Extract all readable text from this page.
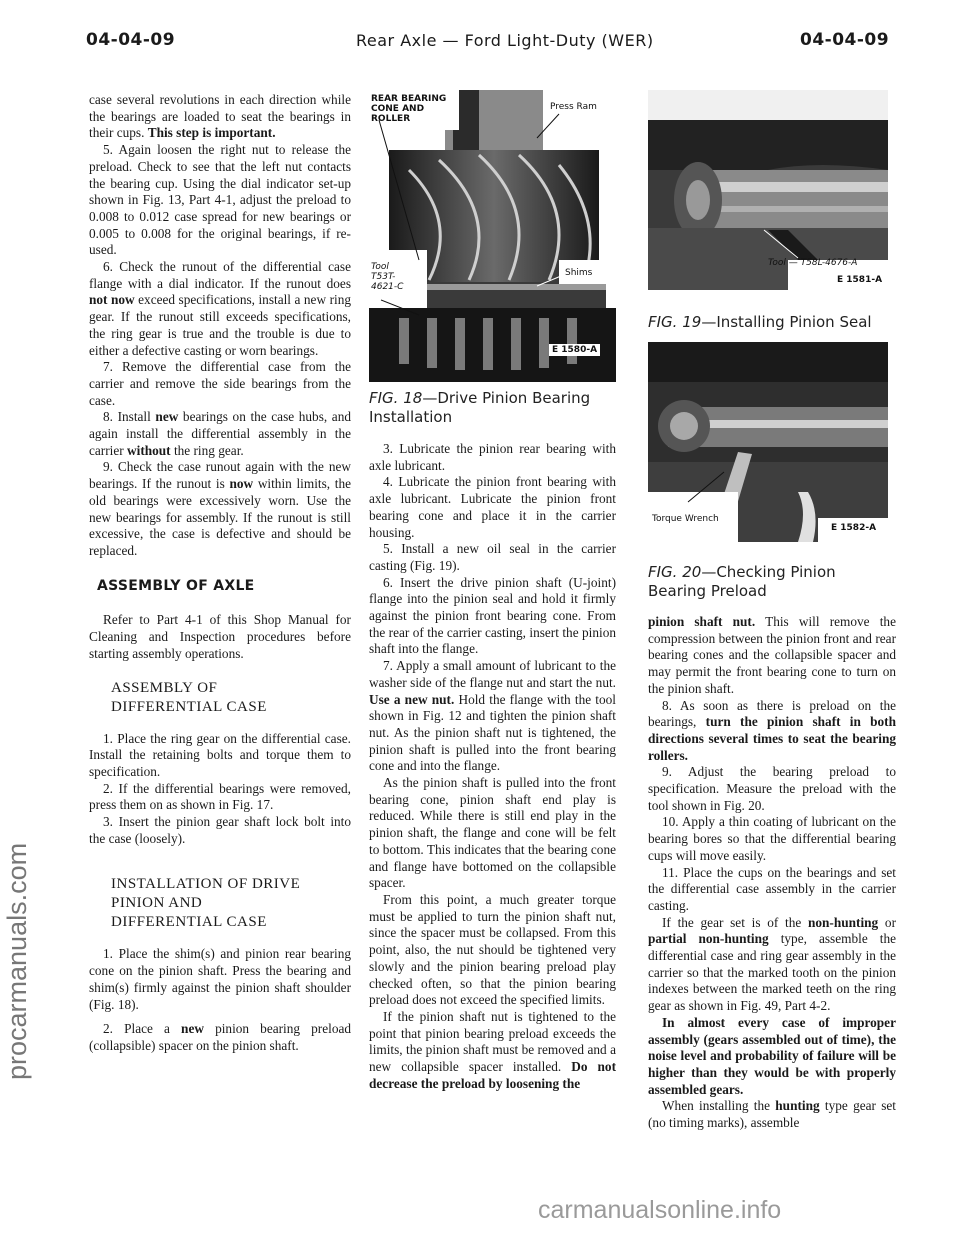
04-04-09	Rear Axle — Ford Light-Duty (WER)	04-04-09
procarmanuals.com

case several revolutions in each direction while the bearings are loaded to seat the bearings in their cups. This step is important.

5. Again loosen the right nut to release the preload. Check to see that the left nut contacts the bearing cup. Using the dial indicator set-up shown in Fig. 13, Part 4-1, adjust the preload to 0.008 to 0.012 case spread for new bearings or 0.005 to 0.008 for the original bearings, if re-used.

6. Check the runout of the differential case flange with a dial indicator. If the runout does not now exceed specifications, install a new ring gear. If the runout still exceeds specifications, the ring gear is true and the trouble is due to either a defective casting or worn bearings.

7. Remove the differential case from the carrier and remove the side bearings from the case.

8. Install new bearings on the case hubs, and again install the differential assembly in the carrier without the ring gear.

9. Check the case runout again with the new bearings. If the runout is now within limits, the old bearings were excessively worn. Use the new bearings for assembly. If the runout is still excessive, the case is defective and should be replaced.

ASSEMBLY OF AXLE

Refer to Part 4-1 of this Shop Manual for Cleaning and Inspection procedures before starting assembly operations.

ASSEMBLY OF
DIFFERENTIAL CASE

1. Place the ring gear on the differential case. Install the retaining bolts and torque them to specification.

2. If the differential bearings were removed, press them on as shown in Fig. 17.

3. Insert the pinion gear shaft lock bolt into the case (loosely).

INSTALLATION OF DRIVE
PINION AND
DIFFERENTIAL CASE

1. Place the shim(s) and pinion rear bearing cone on the pinion shaft. Press the bearing and shim(s) firmly against the pinion shaft shoulder (Fig. 18).

2. Place a new pinion bearing preload (collapsible) spacer on the pinion shaft.

REAR BEARING CONE AND ROLLER
Press Ram
Tool
T53T-
4621-C
Shims
E 1580-A
FIG. 18—Drive Pinion Bearing Installation

3. Lubricate the pinion rear bearing with axle lubricant.

4. Lubricate the pinion front bearing with axle lubricant. Lubricate the pinion front bearing cone and place it in the carrier housing.

5. Install a new oil seal in the carrier casting (Fig. 19).

6. Insert the drive pinion shaft (U-joint) flange into the pinion seal and hold it firmly against the pinion front bearing cone. From the rear of the carrier casting, insert the pinion shaft into the flange.

7. Apply a small amount of lubricant to the washer side of the flange nut and start the nut. Use a new nut. Hold the flange with the tool shown in Fig. 12 and tighten the pinion shaft nut. As the pinion shaft nut is tightened, the pinion shaft is pulled into the front bearing cone and into the flange.

As the pinion shaft is pulled into the front bearing cone, pinion shaft end play is reduced. While there is still end play in the pinion shaft, the flange and cone will be felt to bottom. This indicates that the bearing cone and flange have bottomed on the collapsible spacer.

From this point, a much greater torque must be applied to turn the pinion shaft nut, since the spacer must be collapsed. From this point, also, the nut should be tightened very slowly and the pinion bearing preload play checked often, so that the pinion bearing preload does not exceed the specified limits.

If the pinion shaft nut is tightened to the point that pinion bearing preload exceeds the limits, the pinion shaft must be removed and a new collapsible spacer installed. Do not decrease the preload by loosening the

Tool — T58L-4676-A
E 1581-A
FIG. 19—Installing Pinion Seal
Torque Wrench
E 1582-A
FIG. 20—Checking Pinion Bearing Preload

pinion shaft nut. This will remove the compression between the pinion front and rear bearing cones and the collapsible spacer and may permit the front bearing cone to turn on the pinion shaft.

8. As soon as there is preload on the bearings, turn the pinion shaft in both directions several times to seat the bearing rollers.

9. Adjust the bearing preload to specification. Measure the preload with the tool shown in Fig. 20.

10. Apply a thin coating of lubricant on the bearing bores so that the differential bearing cups will move easily.

11. Place the cups on the bearings and set the differential case assembly in the carrier casting.

If the gear set is of the non-hunting or partial non-hunting type, assemble the differential case and ring gear assembly in the carrier so that the marked tooth on the pinion indexes between the marked teeth on the ring gear as shown in Fig. 49, Part 4-2.

In almost every case of improper assembly (gears assembled out of time), the noise level and probability of failure will be higher than they would be with properly assembled gears.

When installing the hunting type gear set (no timing marks), assemble

carmanualsonline.info
